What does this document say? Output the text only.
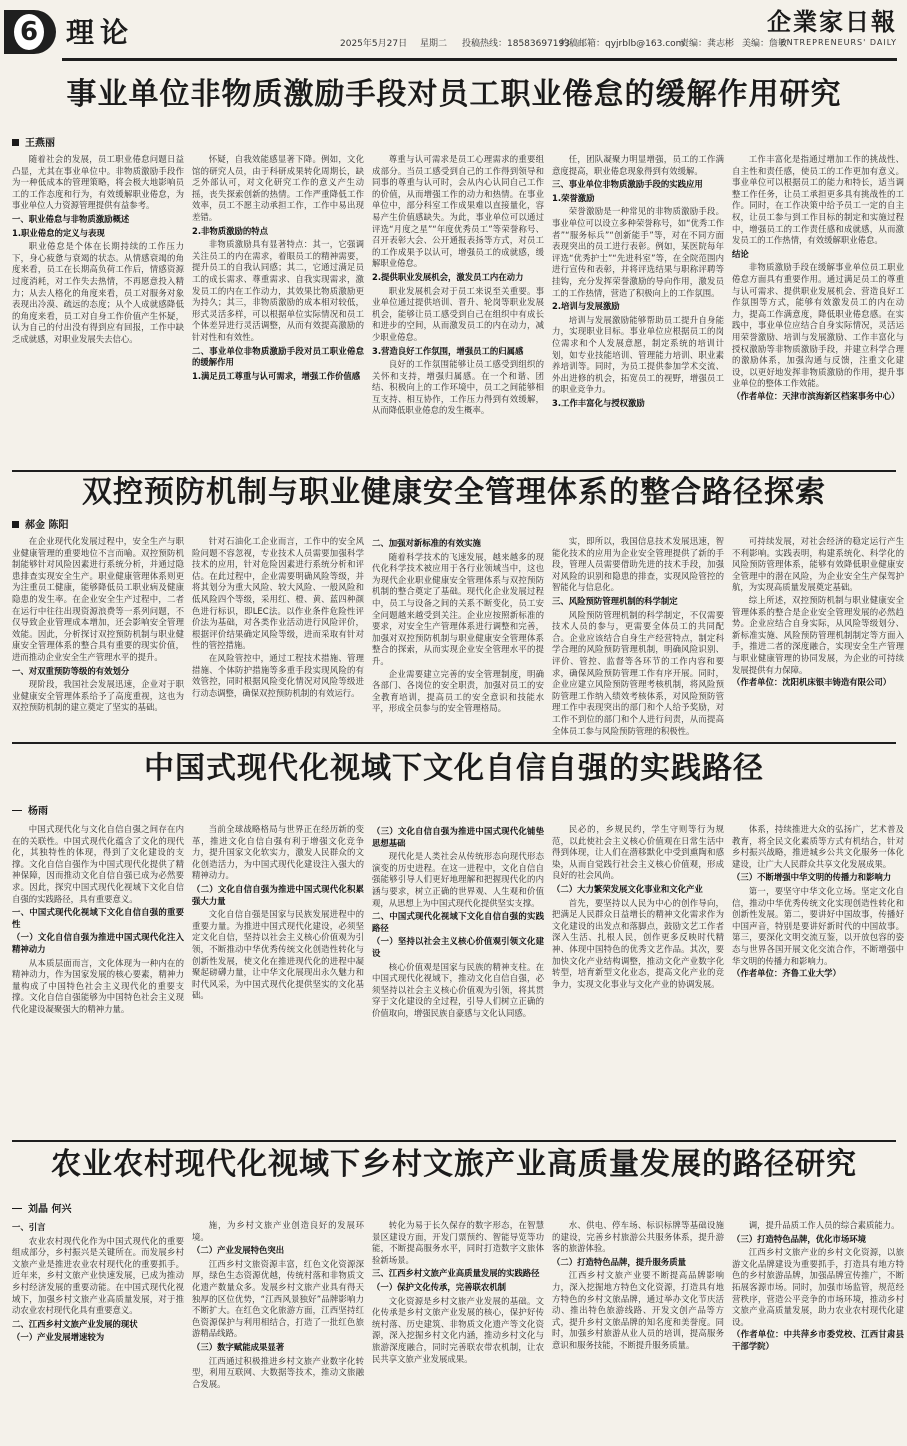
6 理论	2025年5月27日 星期二 投稿热线：18583697193
约稿邮箱：qyjrblb@163.com
责编：龚志彬 美编：詹敏
企業家日報
ENTREPRENEURS' DAILY
事业单位非物质激励手段对员工职业倦怠的缓解作用研究
王燕丽

随着社会的发展，员工职业倦怠问题日益凸显，尤其在事业单位中。非物质激励手段作为一种低成本的管理策略，将会极大地影响员工的工作态度和行为，有效缓解职业倦怠，为事业单位人力资源管理提供有益参考。

一、职业倦怠与非物质激励概述

1.职业倦怠的定义与表现

职业倦怠是个体在长期持续的工作压力下，身心疲惫与衰竭的状态。从情感衰竭的角度来看，员工在长期高负荷工作后，情感资源过度消耗，对工作失去热情，不再愿意投入精力；从去人格化的角度来看，员工对服务对象表现出冷漠、疏远的态度；从个人成就感降低的角度来看，员工对自身工作价值产生怀疑，认为自己的付出没有得到应有回报，工作中缺乏成就感，对职业发展失去信心。

怀疑，自我效能感显著下降。例如，文化馆的研究人员，由于科研成果转化周期长，缺乏外部认可，对文化研究工作的意义产生动摇，丧失探索创新的热情。工作严重降低工作效率，员工不愿主动承担工作，工作中易出现差错。

2.非物质激励的特点

非物质激励具有显著特点：其一，它强调关注员工的内在需求，着眼员工的精神需要，提升员工的自我认同感；其二，它通过满足员工的成长需求、尊重需求、自我实现需求，激发员工的内在工作动力，其效果比物质激励更为持久；其三，非物质激励的成本相对较低，形式灵活多样，可以根据单位实际情况和员工个体差异进行灵活调整，从而有效提高激励的针对性和有效性。

二、事业单位非物质激励手段对员工职业倦怠的缓解作用

1.满足员工尊重与认可需求，增强工作价值感

尊重与认可需求是员工心理需求的重要组成部分。当员工感受到自己的工作得到领导和同事的尊重与认可时，会从内心认同自己工作的价值，从而增强工作的动力和热情。在事业单位中，部分科室工作成果难以直接量化，容易产生价值感缺失。为此，事业单位可以通过评选“月度之星”“年度优秀员工”等荣誉称号、召开表彰大会、公开通报表扬等方式，对员工的工作成果予以认可，增强员工的成就感，缓解职业倦怠。

2.提供职业发展机会，激发员工内在动力

职业发展机会对于员工来说至关重要。事业单位通过提供培训、晋升、轮岗等职业发展机会，能够让员工感受到自己在组织中有成长和进步的空间，从而激发员工的内在动力，减少职业倦怠。

3.营造良好工作氛围，增强员工的归属感

良好的工作氛围能够让员工感受到组织的关怀和支持，增强归属感。在一个和谐、团结、积极向上的工作环境中，员工之间能够相互支持、相互协作，工作压力得到有效缓解，从而降低职业倦怠的发生概率。

任，团队凝聚力明显增强，员工的工作满意度提高，职业倦怠现象得到有效缓解。

三、事业单位非物质激励手段的实践应用

1.荣誉激励

荣誉激励是一种常见的非物质激励手段。事业单位可以设立多种荣誉称号，如“优秀工作者”“服务标兵”“创新能手”等，对在不同方面表现突出的员工进行表彰。例如，某医院每年评选“优秀护士”“先进科室”等，在全院范围内进行宣传和表彰，并将评选结果与职称评聘等挂钩，充分发挥荣誉激励的导向作用，激发员工的工作热情，营造了积极向上的工作氛围。

2.培训与发展激励

培训与发展激励能够帮助员工提升自身能力，实现职业目标。事业单位应根据员工的岗位需求和个人发展意愿，制定系统的培训计划，如专业技能培训、管理能力培训、职业素养培训等。同时，为员工提供参加学术交流、外出进修的机会，拓宽员工的视野，增强员工的职业竞争力。

3.工作丰富化与授权激励

工作丰富化是指通过增加工作的挑战性、自主性和责任感，使员工的工作更加有意义。事业单位可以根据员工的能力和特长，适当调整工作任务，让员工承担更多具有挑战性的工作。同时，在工作决策中给予员工一定的自主权，让员工参与到工作目标的制定和实施过程中，增强员工的工作责任感和成就感，从而激发员工的工作热情，有效缓解职业倦怠。

结论

非物质激励手段在缓解事业单位员工职业倦怠方面具有重要作用。通过满足员工的尊重与认可需求、提供职业发展机会、营造良好工作氛围等方式，能够有效激发员工的内在动力，提高工作满意度，降低职业倦怠感。在实践中，事业单位应结合自身实际情况，灵活运用荣誉激励、培训与发展激励、工作丰富化与授权激励等非物质激励手段，并建立科学合理的激励体系，加强沟通与反馈，注重文化建设，以更好地发挥非物质激励的作用，提升事业单位的整体工作效能。

（作者单位：天津市滨海新区档案事务中心）

双控预防机制与职业健康安全管理体系的整合路径探索
郝金 陈阳

在企业现代化发展过程中，安全生产与职业健康管理的重要地位不言而喻。双控预防机制能够针对风险因素进行系统分析，并通过隐患排查实现安全生产。职业健康管理体系则更为注重员工健康，能够降低员工职业病及健康隐患的发生率。在企业安全生产过程中，二者在运行中往往出现资源浪费等一系列问题，不仅导致企业管理成本增加，还会影响安全管理效能。因此，分析探讨双控预防机制与职业健康安全管理体系的整合具有重要的现实价值，进而推动企业安全生产管理水平的提升。

一、对双重预防等级的有效划分

现阶段，我国社会发展迅速，企业对于职业健康安全管理体系给予了高度重视，这也为双控预防机制的建立奠定了坚实的基础。

针对石油化工企业而言，工作中的安全风险问题不容忽视，专业技术人员需要加强科学技术的应用，针对危险因素进行系统分析和评估。在此过程中，企业需要明确风险等级，并将其划分为重大风险、较大风险、一般风险和低风险四个等级，采用红、橙、黄、蓝四种颜色进行标识，即LEC法。以作业条件危险性评价法为基础，对各类作业活动进行风险评价，根据评价结果确定风险等级，进而采取有针对性的管控措施。

在风险管控中，通过工程技术措施、管理措施、个体防护措施等多重手段实现风险的有效管控，同时根据风险变化情况对风险等级进行动态调整，确保双控预防机制的有效运行。

二、加强对新标准的有效实施

随着科学技术的飞速发展，越来越多的现代化科学技术被应用于各行业领域当中，这也为现代企业职业健康安全管理体系与双控预防机制的整合奠定了基础。现代化企业发展过程中，员工与设备之间的关系不断变化，员工安全问题越来越受到关注。企业应按照新标准的要求，对安全生产管理体系进行调整和完善，加强对双控预防机制与职业健康安全管理体系整合的探索，从而实现企业安全管理水平的提升。

企业需要建立完善的安全管理制度，明确各部门、各岗位的安全职责，加强对员工的安全教育培训，提高员工的安全意识和技能水平，形成全员参与的安全管理格局。

实，即所以，我国信息技术发展迅速，智能化技术的应用为企业安全管理提供了新的手段，管理人员需要借助先进的技术手段，加强对风险的识别和隐患的排查，实现风险管控的智能化与信息化。

三、风险预防管理机制的科学制定

风险预防管理机制的科学制定，不仅需要技术人员的参与，更需要全体员工的共同配合。企业应该结合自身生产经营特点，制定科学合理的风险预防管理机制，明确风险识别、评价、管控、监督等各环节的工作内容和要求，确保风险预防管理工作有序开展。同时，企业应建立风险预防管理考核机制，将风险预防管理工作纳入绩效考核体系，对风险预防管理工作中表现突出的部门和个人给予奖励，对工作不到位的部门和个人进行问责，从而提高全体员工参与风险预防管理的积极性。

可持续发展，对社会经济的稳定运行产生不利影响。实践表明，构建系统化、科学化的风险预防管理体系，能够有效降低职业健康安全管理中的潜在风险，为企业安全生产保驾护航，为实现高质量发展奠定基础。

综上所述，双控预防机制与职业健康安全管理体系的整合是企业安全管理发展的必然趋势。企业应结合自身实际，从风险等级划分、新标准实施、风险预防管理机制制定等方面入手，推进二者的深度融合，实现安全生产管理与职业健康管理的协同发展，为企业的可持续发展提供有力保障。

（作者单位：沈阳机床银丰铸造有限公司）

中国式现代化视域下文化自信自强的实践路径
杨雨

中国式现代化与文化自信自强之间存在内在的关联性。中国式现代化蕴含了文化的现代化，其独特性的体现，得到了文化建设的支撑。文化自信自强作为中国式现代化提供了精神保障，因而推动文化自信自强已成为必然要求。因此，探究中国式现代化视域下文化自信自强的实践路径，具有重要意义。

一、中国式现代化视域下文化自信自强的重要性

（一）文化自信自强为推进中国式现代化注入精神动力

从本质层面而言，文化体现为一种内在的精神动力，作为国家发展的核心要素，精神力量构成了中国特色社会主义现代化的重要支撑。文化自信自强能够为中国特色社会主义现代化建设凝聚强大的精神力量。

当前全球战略格局与世界正在经历新的变革，推进文化自信自强有利于增强文化竞争力，提升国家文化软实力，激发人民群众的文化创造活力，为中国式现代化建设注入强大的精神动力。

（二）文化自信自强为推进中国式现代化积累强大力量

文化自信自强是国家与民族发展进程中的重要力量。为推进中国式现代化建设，必须坚定文化自信，坚持以社会主义核心价值观为引领，不断推动中华优秀传统文化创造性转化与创新性发展，使文化在推进现代化的进程中凝聚起磅礴力量，让中华文化展现出永久魅力和时代风采，为中国式现代化提供坚实的文化基础。

（三）文化自信自强为推进中国式现代化铺垫思想基础

现代化是人类社会从传统形态向现代形态演变的历史进程。在这一进程中，文化自信自强能够引导人们更好地理解和把握现代化的内涵与要求，树立正确的世界观、人生观和价值观，从思想上为中国式现代化提供坚实支撑。

二、中国式现代化视域下文化自信自强的实践路径

（一）坚持以社会主义核心价值观引领文化建设

核心价值观是国家与民族的精神支柱。在中国式现代化视域下，推动文化自信自强，必须坚持以社会主义核心价值观为引领，将其贯穿于文化建设的全过程，引导人们树立正确的价值取向，增强民族自豪感与文化认同感。

民必的，乡规民约，学生守则等行为规范，以此使社会主义核心价值观在日常生活中得到体现，让人们在潜移默化中受到熏陶和感染，从而自觉践行社会主义核心价值观，形成良好的社会风尚。

（二）大力繁荣发展文化事业和文化产业

首先，要坚持以人民为中心的创作导向，把满足人民群众日益增长的精神文化需求作为文化建设的出发点和落脚点，鼓励文艺工作者深入生活、扎根人民，创作更多反映时代精神、体现中国特色的优秀文艺作品。其次，要加快文化产业结构调整，推动文化产业数字化转型，培育新型文化业态，提高文化产业的竞争力，实现文化事业与文化产业的协调发展。

体系，持续推进大众的弘扬广，艺术普及教育，将全民文化素质等方式有机结合，针对乡村振兴战略，推进城乡公共文化服务一体化建设，让广大人民群众共享文化发展成果。

（三）不断增强中华文明的传播力和影响力

第一，要坚守中华文化立场。坚定文化自信，推动中华优秀传统文化实现创造性转化和创新性发展。第二，要讲好中国故事，传播好中国声音，特别是要讲好新时代的中国故事。第三，要深化文明交流互鉴，以开放包容的姿态与世界各国开展文化交流合作，不断增强中华文明的传播力和影响力。

（作者单位：齐鲁工业大学）

农业农村现代化视域下乡村文旅产业高质量发展的路径研究
刘晶 何兴

一、引言

农业农村现代化作为中国式现代化的重要组成部分，乡村振兴是关键所在。而发展乡村文旅产业是推进农业农村现代化的重要抓手。近年来，乡村文旅产业快速发展，已成为推动乡村经济发展的重要动能。在中国式现代化视域下，加强乡村文旅产业高质量发展，对于推动农业农村现代化具有重要意义。

二、江西乡村文旅产业发展的现状

（一）产业发展增速较为

施，为乡村文旅产业创造良好的发展环境。

（二）产业发展特色突出

江西乡村文旅资源丰富，红色文化资源深厚，绿色生态资源优越，传统村落和非物质文化遗产数量众多。发展乡村文旅产业具有得天独厚的区位优势，“江西风景独好”品牌影响力不断扩大。在红色文化旅游方面，江西坚持红色资源保护与利用相结合，打造了一批红色旅游精品线路。

（三）数字赋能成果显著

江西通过积极推进乡村文旅产业数字化转型，利用互联网、大数据等技术，推动文旅融合发展。

转化为易于长久保存的数字形态，在智慧景区建设方面，开发门票预约、智能导览等功能，不断提高服务水平，同时打造数字文旅体验新场景。

三、江西乡村文旅产业高质量发展的实践路径

（一）保护文化传承，完善联农机制

文化资源是乡村文旅产业发展的基础。文化传承是乡村文旅产业发展的核心，保护好传统村落、历史建筑、非物质文化遗产等文化资源，深入挖掘乡村文化内涵，推动乡村文化与旅游深度融合，同时完善联农带农机制，让农民共享文旅产业发展成果。

水、供电、停车场、标识标牌等基础设施的建设，完善乡村旅游公共服务体系，提升游客的旅游体验。

（二）打造特色品牌，提升服务质量

江西乡村文旅产业要不断提高品牌影响力，深入挖掘地方特色文化资源，打造具有地方特色的乡村文旅品牌，通过举办文化节庆活动、推出特色旅游线路、开发文创产品等方式，提升乡村文旅品牌的知名度和美誉度。同时，加强乡村旅游从业人员的培训，提高服务意识和服务技能，不断提升服务质量。

调，提升品质工作人员的综合素质能力。

（三）打造特色品牌，优化市场环境

江西乡村文旅产业的乡村文化资源，以旅游文化品牌建设为重要抓手，打造具有地方特色的乡村旅游品牌，加强品牌宣传推广，不断拓展客源市场。同时，加强市场监管，规范经营秩序，营造公平竞争的市场环境，推动乡村文旅产业高质量发展，助力农业农村现代化建设。

（作者单位：中共萍乡市委党校、江西甘肃县干部学院）
